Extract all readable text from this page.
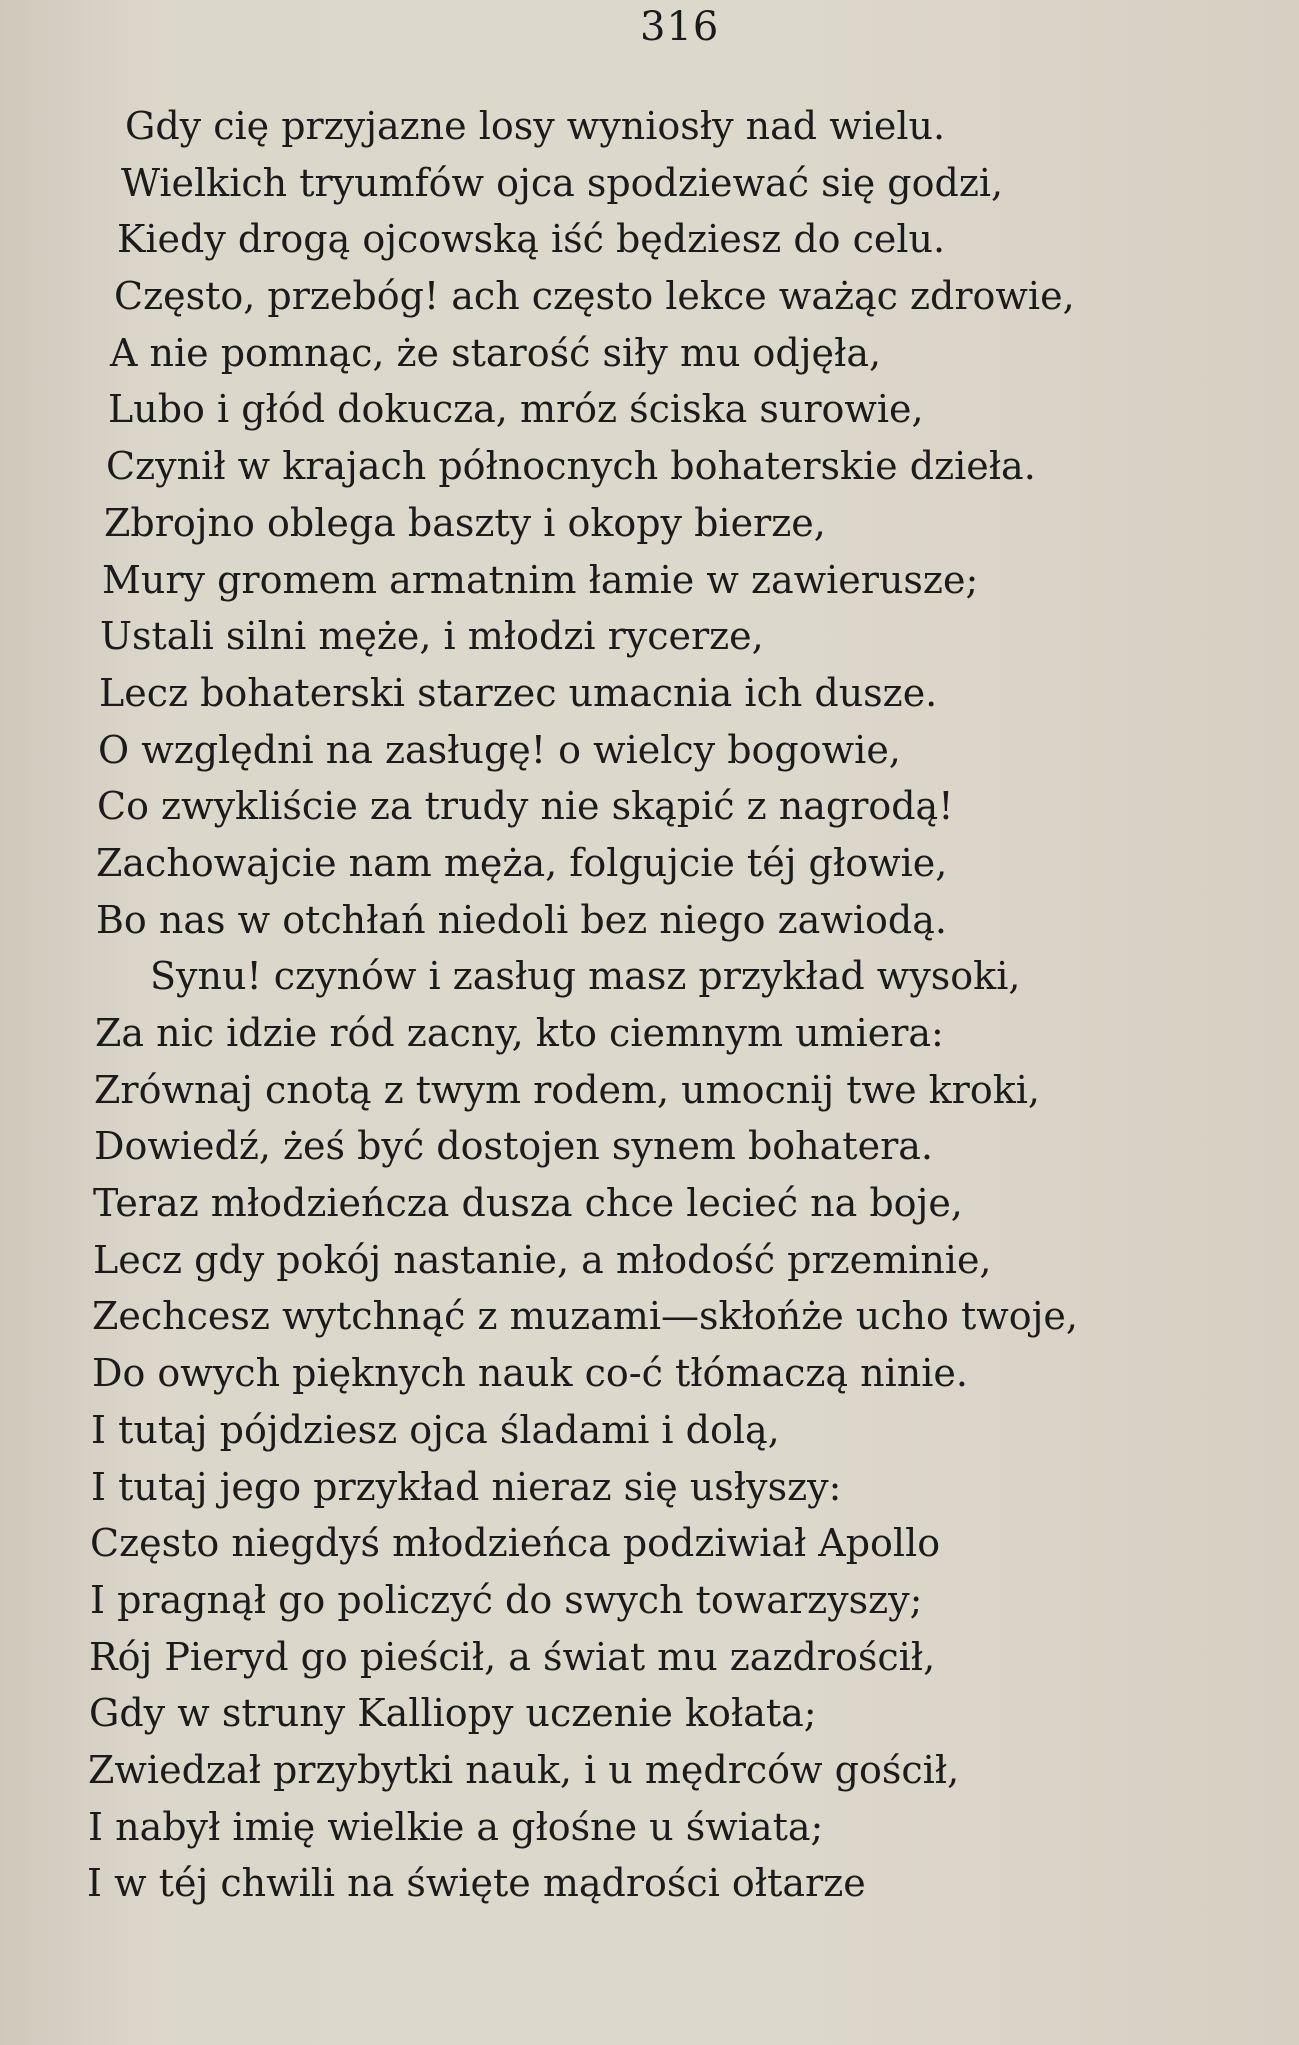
316
Gdy cię przyjazne losy wyniosły nad wielu.
Wielkich tryumfów ojca spodziewać się godzi,
Kiedy drogą ojcowską iść będziesz do celu.
Często, przebóg! ach często lekce ważąc zdrowie,
A nie pomnąc, że starość siły mu odjęła,
Lubo i głód dokucza, mróz ściska surowie,
Czynił w krajach północnych bohaterskie dzieła.
Zbrojno oblega baszty i okopy bierze,
Mury gromem armatnim łamie w zawierusze;
Ustali silni męże, i młodzi rycerze,
Lecz bohaterski starzec umacnia ich dusze.
O względni na zasługę! o wielcy bogowie,
Co zwykliście za trudy nie skąpić z nagrodą!
Zachowajcie nam męża, folgujcie téj głowie,
Bo nas w otchłań niedoli bez niego zawiodą.
Synu! czynów i zasług masz przykład wysoki,
Za nic idzie ród zacny, kto ciemnym umiera:
Zrównaj cnotą z twym rodem, umocnij twe kroki,
Dowiedź, żeś być dostojen synem bohatera.
Teraz młodzieńcza dusza chce lecieć na boje,
Lecz gdy pokój nastanie, a młodość przeminie,
Zechcesz wytchnąć z muzami—skłońże ucho twoje,
Do owych pięknych nauk co-ć tłómaczą ninie.
I tutaj pójdziesz ojca śladami i dolą,
I tutaj jego przykład nieraz się usłyszy:
Często niegdyś młodzieńca podziwiał Apollo
I pragnął go policzyć do swych towarzyszy;
Rój Pieryd go pieścił, a świat mu zazdrościł,
Gdy w struny Kalliopy uczenie kołata;
Zwiedzał przybytki nauk, i u mędrców gościł,
I nabył imię wielkie a głośne u świata;
I w téj chwili na święte mądrości ołtarze
